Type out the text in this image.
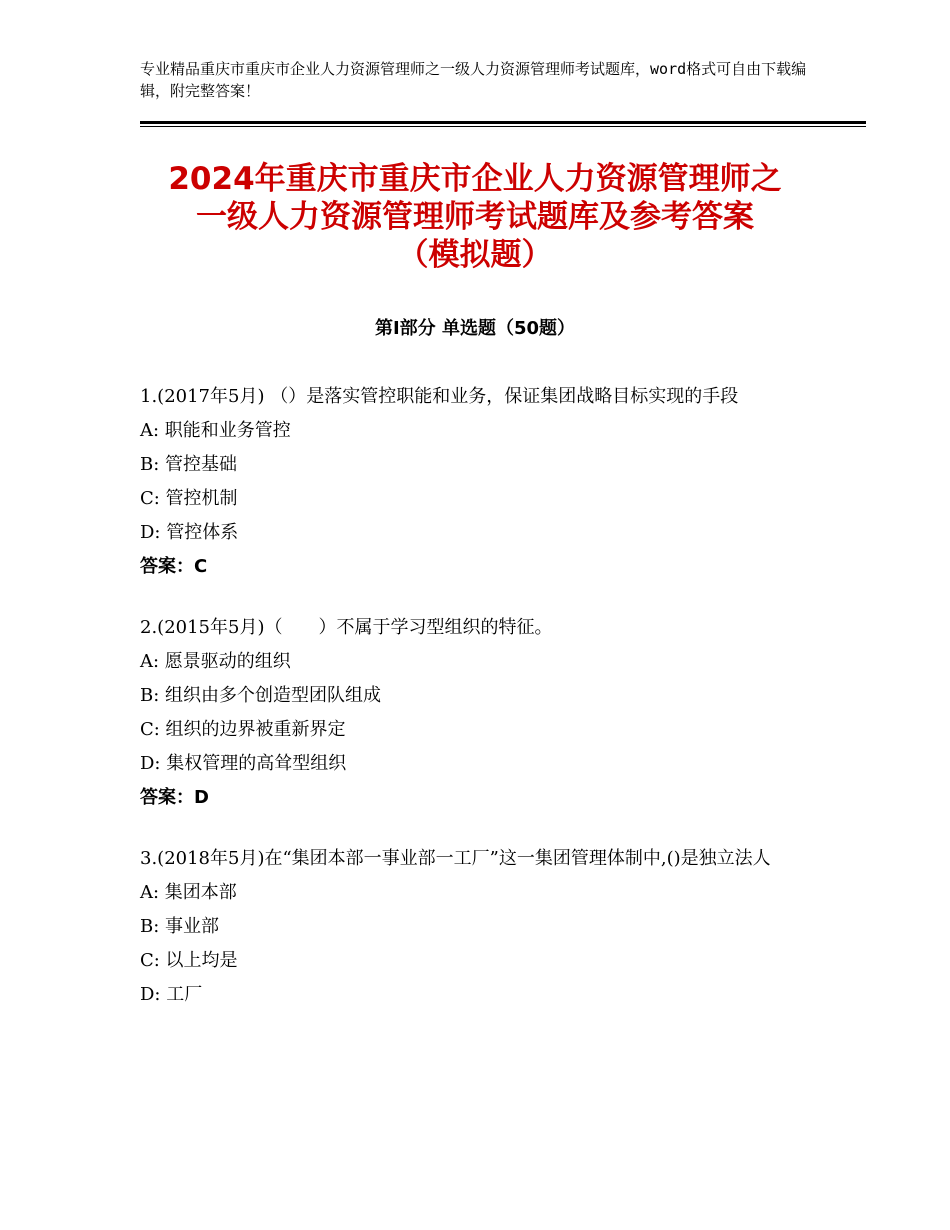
专业精品重庆市重庆市企业人力资源管理师之一级人力资源管理师考试题库，word格式可自由下载编辑，附完整答案！
2024年重庆市重庆市企业人力资源管理师之
一级人力资源管理师考试题库及参考答案
（模拟题）
第Ⅰ部分 单选题（50题）

1.(2017年5月) （）是落实管控职能和业务，保证集团战略目标实现的手段

A: 职能和业务管控

B: 管控基础

C: 管控机制

D: 管控体系

答案：C

2.(2015年5月)（　　）不属于学习型组织的特征。

A: 愿景驱动的组织

B: 组织由多个创造型团队组成

C: 组织的边界被重新界定

D: 集权管理的高耸型组织

答案：D

3.(2018年5月)在“集团本部一事业部一工厂”这一集团管理体制中,()是独立法人

A: 集团本部

B: 事业部

C: 以上均是

D: 工厂
